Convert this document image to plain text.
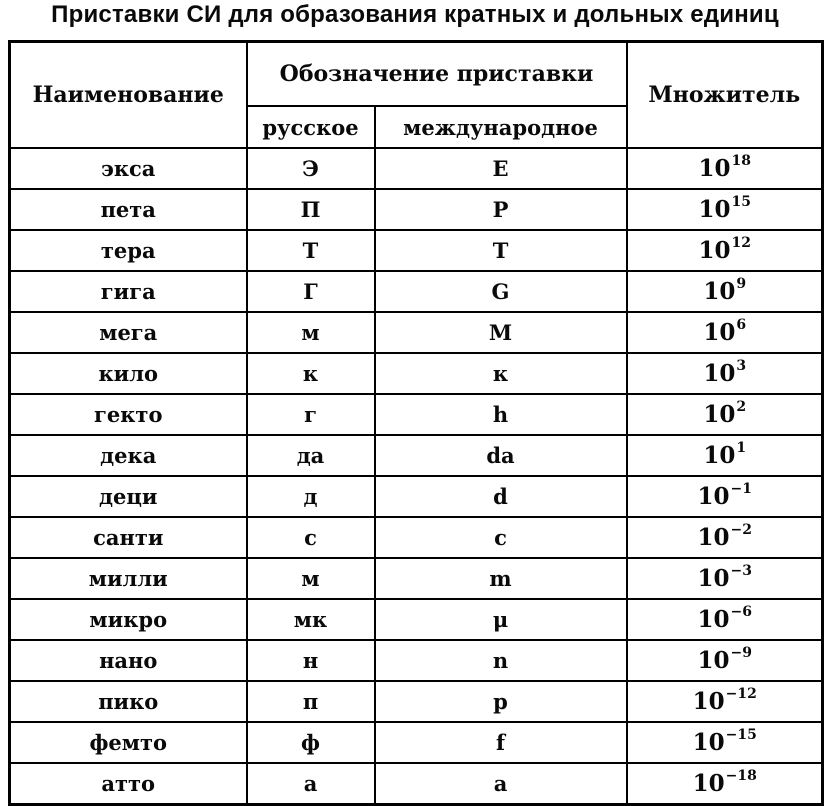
Приставки СИ для образования кратных и дольных единиц
Наименование	Обозначение приставки		Множитель
	русское	международное	
экса	Э	E	$10^{18}$
пета	П	P	$10^{15}$
тера	Т	T	$10^{12}$
гига	Г	G	$10^9$
мега	м	M	$10^6$
кило	к	к	$10^3$
гекто	г	h	$10^2$
дека	да	da	$10^1$
деци	д	d	$10^{-1}$
санти	с	c	$10^{-2}$
милли	м	m	$10^{-3}$
микро	мк	μ	$10^{-6}$
нано	н	n	$10^{-9}$
пико	п	p	$10^{-12}$
фемто	ф	f	$10^{-15}$
атто	а	a	$10^{-18}$
